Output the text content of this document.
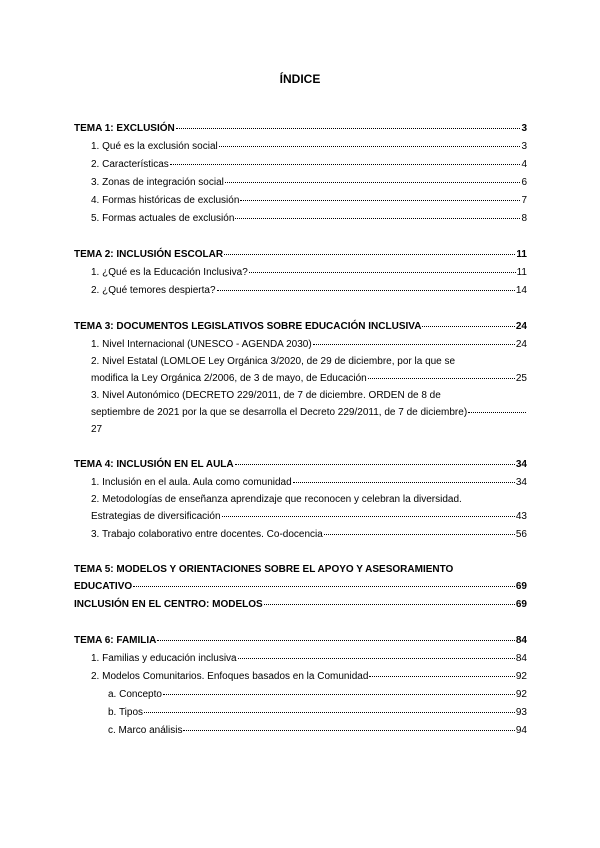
ÍNDICE
TEMA 1: EXCLUSIÓN	3
1. Qué es la exclusión social	3
2. Características	4
3. Zonas de integración social	6
4. Formas históricas de exclusión	7
5. Formas actuales de exclusión	8
TEMA 2: INCLUSIÓN ESCOLAR	11
1. ¿Qué es la Educación Inclusiva?	11
2. ¿Qué temores despierta?	14
TEMA 3: DOCUMENTOS LEGISLATIVOS SOBRE EDUCACIÓN INCLUSIVA	24
1. Nivel Internacional (UNESCO - AGENDA 2030)	24
2. Nivel Estatal (LOMLOE Ley Orgánica 3/2020, de 29 de diciembre, por la que se
modifica la Ley Orgánica 2/2006, de 3 de mayo, de Educación	25
3. Nivel Autonómico (DECRETO 229/2011, de 7 de diciembre. ORDEN de 8 de
septiembre de 2021 por la que se desarrolla el Decreto 229/2011, de 7 de diciembre)
27
TEMA 4: INCLUSIÓN EN EL AULA	34
1. Inclusión en el aula. Aula como comunidad	34
2. Metodologías de enseñanza aprendizaje que reconocen y celebran la diversidad.
Estrategias de diversificación	43
3. Trabajo colaborativo entre docentes. Co-docencia	56
TEMA 5: MODELOS Y ORIENTACIONES SOBRE EL APOYO Y ASESORAMIENTO
EDUCATIVO	69
INCLUSIÓN EN EL CENTRO: MODELOS	69
TEMA 6: FAMILIA	84
1. Familias y educación inclusiva	84
2. Modelos Comunitarios. Enfoques basados en la Comunidad	92
a. Concepto	92
b. Tipos	93
c. Marco análisis	94
